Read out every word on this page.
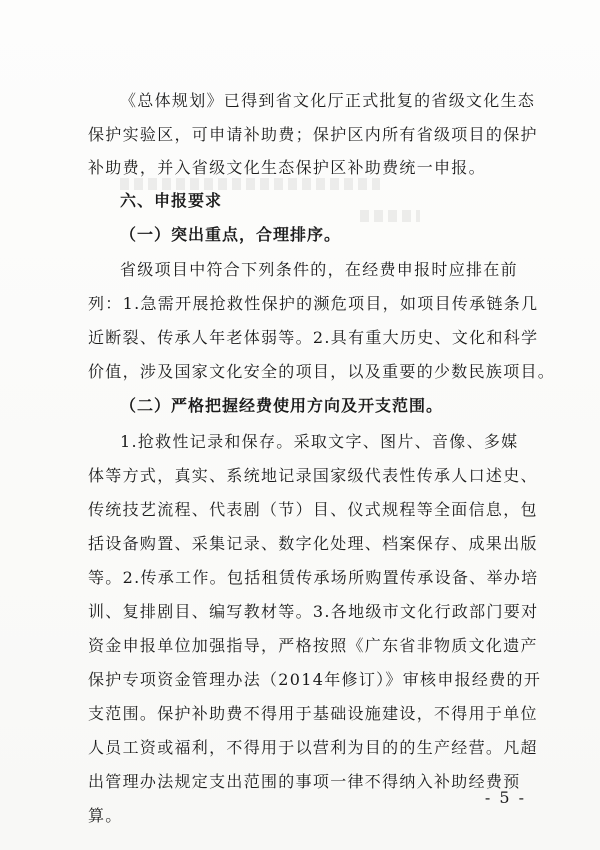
《总体规划》已得到省文化厅正式批复的省级文化生态
保护实验区，可申请补助费；保护区内所有省级项目的保护
补助费，并入省级文化生态保护区补助费统一申报。
六、申报要求
（一）突出重点，合理排序。
省级项目中符合下列条件的，在经费申报时应排在前
列：1.急需开展抢救性保护的濒危项目，如项目传承链条几
近断裂、传承人年老体弱等。2.具有重大历史、文化和科学
价值，涉及国家文化安全的项目，以及重要的少数民族项目。
（二）严格把握经费使用方向及开支范围。
1.抢救性记录和保存。采取文字、图片、音像、多媒
体等方式，真实、系统地记录国家级代表性传承人口述史、
传统技艺流程、代表剧（节）目、仪式规程等全面信息，包
括设备购置、采集记录、数字化处理、档案保存、成果出版
等。2.传承工作。包括租赁传承场所购置传承设备、举办培
训、复排剧目、编写教材等。3.各地级市文化行政部门要对
资金申报单位加强指导，严格按照《广东省非物质文化遗产
保护专项资金管理办法（2014年修订）》审核申报经费的开
支范围。保护补助费不得用于基础设施建设，不得用于单位
人员工资或福利，不得用于以营利为目的的生产经营。凡超
出管理办法规定支出范围的事项一律不得纳入补助经费预
算。
- 5 -
